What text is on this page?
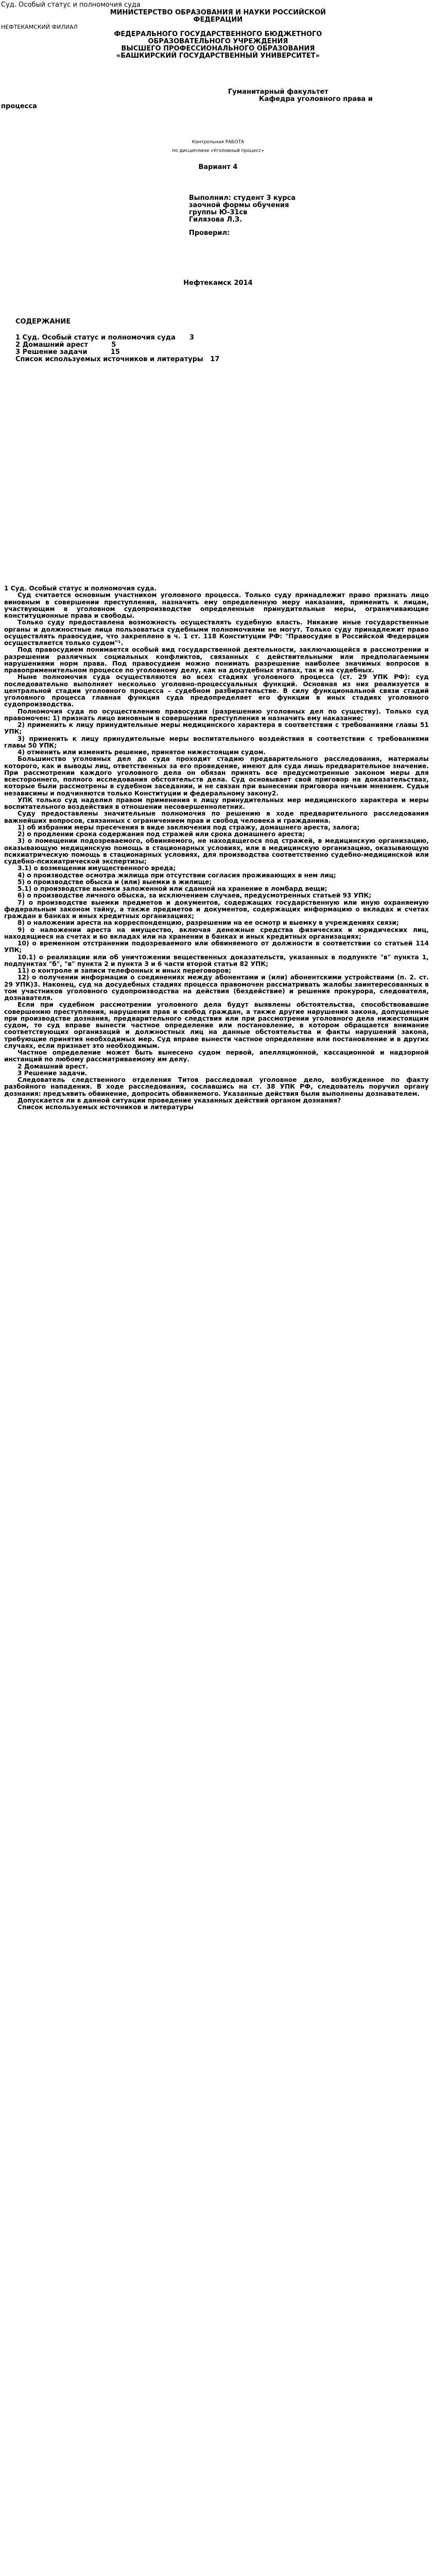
Суд. Особый статус и полномочия суда
МИНИСТЕРСТВО ОБРАЗОВАНИЯ И НАУКИ РОССИЙСКОЙ
ФЕДЕРАЦИИ
НЕФТЕКАМСКИЙ ФИЛИАЛ
ФЕДЕРАЛЬНОГО ГОСУДАРСТВЕННОГО БЮДЖЕТНОГО
ОБРАЗОВАТЕЛЬНОГО УЧРЕЖДЕНИЯ
ВЫСШЕГО ПРОФЕССИОНАЛЬНОГО ОБРАЗОВАНИЯ
«БАШКИРСКИЙ ГОСУДАРСТВЕННЫЙ УНИВЕРСИТЕТ»
Гуманитарный факультет
Кафедра уголовного права и
процесса
Контрольная РАБОТА
по дисциплине «Уголовный процесс»
Вариант 4
Выполнил: студент 3 курса
заочной формы обучения
группы Ю-31св
Гилязова Л.З.
Проверил:
Нефтекамск 2014
СОДЕРЖАНИЕ
1 Суд. Особый статус и полномочия суда      3
2 Домашний арест          5
3 Решение задачи          15
Список используемых источников и литературы   17

1 Суд. Особый статус и полномочия суда.

Суд считается основным участником уголовного процесса. Только суду принадлежит право признать лицо виновным в совершении преступления, назначить ему определенную меру наказания, применить к лицам, участвующим в уголовном судопроизводстве определенные принудительные меры, ограничивающие конституционные права и свободы.

Только суду предоставлена возможность осуществлять судебную власть. Никакие иные государственные органы и должностные лица пользоваться судебными полномочиями не могут. Только суду принадлежит право осуществлять правосудие, что закреплено в ч. 1 ст. 118 Конституции РФ: "Правосудие в Российской Федерации осуществляется только судом"¹.

Под правосудием понимается особый вид государственной деятельности, заключающейся в рассмотрении и разрешении различных социальных конфликтов, связанных с действительными или предполагаемыми нарушениями норм права. Под правосудием можно понимать разрешение наиболее значимых вопросов в правоприменительном процессе по уголовному делу, как на досудебных этапах, так и на судебных.

Ныне полномочия суда осуществляются во всех стадиях уголовного процесса (ст. 29 УПК РФ): суд последовательно выполняет несколько уголовно-процессуальных функций. Основная из них реализуется в центральной стадии уголовного процесса – судебном разбирательстве. В силу функциональной связи стадий уголовного процесса главная функция суда предопределяет его функции в иных стадиях уголовного судопроизводства.

Полномочия суда по осуществлению правосудия (разрешению уголовных дел по существу). Только суд правомочен: 1) признать лицо виновным в совершении преступления и назначить ему наказание;

2) применить к лицу принудительные меры медицинского характера в соответствии с требованиями главы 51 УПК;

3) применить к лицу принудительные меры воспитательного воздействия в соответствии с требованиями главы 50 УПК;

4) отменить или изменить решение, принятое нижестоящим судом.

Большинство уголовных дел до суда проходит стадию предварительного расследования, материалы которого, как и выводы лиц, ответственных за его проведение, имеют для суда лишь предварительное значение. При рассмотрении каждого уголовного дела он обязан принять все предусмотренные законом меры для всестороннего, полного исследования обстоятельств дела. Суд основывает свой приговор на доказательствах, которые были рассмотрены в судебном заседании, и не связан при вынесении приговора ничьим мнением. Судьи независимы и подчиняются только Конституции и федеральному закону2.

УПК только суд наделил правом применения к лицу принудительных мер медицинского характера и меры воспитательного воздействия в отношении несовершеннолетних.

Суду предоставлены значительные полномочия по решению в ходе предварительного расследования важнейших вопросов, связанных с ограничением прав и свобод человека и гражданина.

1) об избрании меры пресечения в виде заключения под стражу, домашнего ареста, залога;

2) о продлении срока содержания под стражей или срока домашнего ареста;

3) о помещении подозреваемого, обвиняемого, не находящегося под стражей, в медицинскую организацию, оказывающую медицинскую помощь в стационарных условиях, или в медицинскую организацию, оказывающую психиатрическую помощь в стационарных условиях, для производства соответственно судебно-медицинской или судебно-психиатрической экспертизы;

3.1) о возмещении имущественного вреда;

4) о производстве осмотра жилища при отсутствии согласия проживающих в нем лиц;

5) о производстве обыска и (или) выемки в жилище;

5.1) о производстве выемки заложенной или сданной на хранение в ломбард вещи;

6) о производстве личного обыска, за исключением случаев, предусмотренных статьей 93 УПК;

7) о производстве выемки предметов и документов, содержащих государственную или иную охраняемую федеральным законом тайну, а также предметов и документов, содержащих информацию о вкладах и счетах граждан в банках и иных кредитных организациях;

8) о наложении ареста на корреспонденцию, разрешении на ее осмотр и выемку в учреждениях связи;

9) о наложении ареста на имущество, включая денежные средства физических и юридических лиц, находящиеся на счетах и во вкладах или на хранении в банках и иных кредитных организациях;

10) о временном отстранении подозреваемого или обвиняемого от должности в соответствии со статьей 114 УПК;

10.1) о реализации или об уничтожении вещественных доказательств, указанных в подпункте "в" пункта 1, подпунктах "б", "в" пункта 2 и пункта 3 и 6 части второй статьи 82 УПК;

11) о контроле и записи телефонных и иных переговоров;

12) о получении информации о соединениях между абонентами и (или) абонентскими устройствами (п. 2. ст. 29 УПК)3. Наконец, суд на досудебных стадиях процесса правомочен рассматривать жалобы заинтересованных в том участников уголовного судопроизводства на действия (бездействие) и решения прокурора, следователя, дознавателя.

Если при судебном рассмотрении уголовного дела будут выявлены обстоятельства, способствовавшие совершению преступления, нарушения прав и свобод граждан, а также другие нарушения закона, допущенные при производстве дознания, предварительного следствия или при рассмотрении уголовного дела нижестоящим судом, то суд вправе вынести частное определение или постановление, в котором обращается внимание соответствующих организаций и должностных лиц на данные обстоятельства и факты нарушений закона, требующие принятия необходимых мер. Суд вправе вынести частное определение или постановление и в других случаях, если признает это необходимым.

Частное определение может быть вынесено судом первой, апелляционной, кассационной и надзорной инстанций по любому рассматриваемому им делу.

2 Домашний арест.

3 Решение задачи.

Следователь следственного отделения Титов расследовал уголовное дело, возбужденное по факту разбойного нападения. В ходе расследования, сославшись на ст. 38 УПК РФ, следователь поручил органу дознания: предъявить обвинение, допросить обвиняемого. Указанные действия были выполнены дознавателем.

Допускается ли в данной ситуации проведение указанных действий органом дознания?

Список используемых источников и литературы
